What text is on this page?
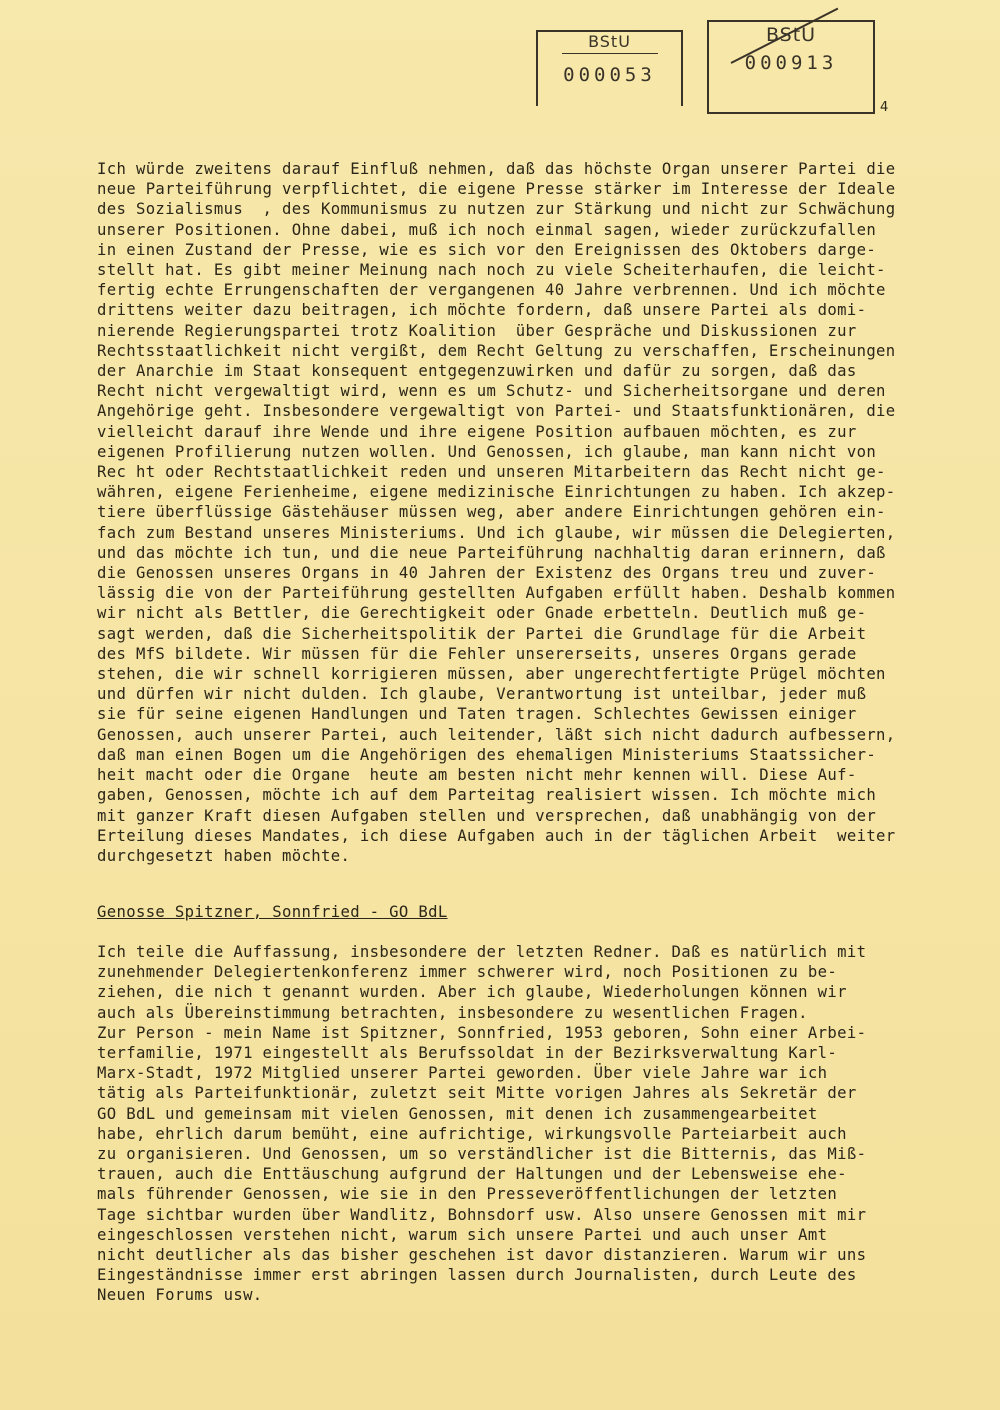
BStU
000053
BStU
000913
4
Ich würde zweitens darauf Einfluß nehmen, daß das höchste Organ unserer Partei die
neue Parteiführung verpflichtet, die eigene Presse stärker im Interesse der Ideale
des Sozialismus  , des Kommunismus zu nutzen zur Stärkung und nicht zur Schwächung
unserer Positionen. Ohne dabei, muß ich noch einmal sagen, wieder zurückzufallen
in einen Zustand der Presse, wie es sich vor den Ereignissen des Oktobers darge-
stellt hat. Es gibt meiner Meinung nach noch zu viele Scheiterhaufen, die leicht-
fertig echte Errungenschaften der vergangenen 40 Jahre verbrennen. Und ich möchte
drittens weiter dazu beitragen, ich möchte fordern, daß unsere Partei als domi-
nierende Regierungspartei trotz Koalition  über Gespräche und Diskussionen zur
Rechtsstaatlichkeit nicht vergißt, dem Recht Geltung zu verschaffen, Erscheinungen
der Anarchie im Staat konsequent entgegenzuwirken und dafür zu sorgen, daß das
Recht nicht vergewaltigt wird, wenn es um Schutz- und Sicherheitsorgane und deren
Angehörige geht. Insbesondere vergewaltigt von Partei- und Staatsfunktionären, die
vielleicht darauf ihre Wende und ihre eigene Position aufbauen möchten, es zur
eigenen Profilierung nutzen wollen. Und Genossen, ich glaube, man kann nicht von
Rec ht oder Rechtstaatlichkeit reden und unseren Mitarbeitern das Recht nicht ge-
währen, eigene Ferienheime, eigene medizinische Einrichtungen zu haben. Ich akzep-
tiere überflüssige Gästehäuser müssen weg, aber andere Einrichtungen gehören ein-
fach zum Bestand unseres Ministeriums. Und ich glaube, wir müssen die Delegierten,
und das möchte ich tun, und die neue Parteiführung nachhaltig daran erinnern, daß
die Genossen unseres Organs in 40 Jahren der Existenz des Organs treu und zuver-
lässig die von der Parteiführung gestellten Aufgaben erfüllt haben. Deshalb kommen
wir nicht als Bettler, die Gerechtigkeit oder Gnade erbetteln. Deutlich muß ge-
sagt werden, daß die Sicherheitspolitik der Partei die Grundlage für die Arbeit
des MfS bildete. Wir müssen für die Fehler unsererseits, unseres Organs gerade
stehen, die wir schnell korrigieren müssen, aber ungerechtfertigte Prügel möchten
und dürfen wir nicht dulden. Ich glaube, Verantwortung ist unteilbar, jeder muß
sie für seine eigenen Handlungen und Taten tragen. Schlechtes Gewissen einiger
Genossen, auch unserer Partei, auch leitender, läßt sich nicht dadurch aufbessern,
daß man einen Bogen um die Angehörigen des ehemaligen Ministeriums Staatssicher-
heit macht oder die Organe  heute am besten nicht mehr kennen will. Diese Auf-
gaben, Genossen, möchte ich auf dem Parteitag realisiert wissen. Ich möchte mich
mit ganzer Kraft diesen Aufgaben stellen und versprechen, daß unabhängig von der
Erteilung dieses Mandates, ich diese Aufgaben auch in der täglichen Arbeit  weiter
durchgesetzt haben möchte.
Genosse Spitzner, Sonnfried - GO BdL
Ich teile die Auffassung, insbesondere der letzten Redner. Daß es natürlich mit
zunehmender Delegiertenkonferenz immer schwerer wird, noch Positionen zu be-
ziehen, die nich t genannt wurden. Aber ich glaube, Wiederholungen können wir
auch als Übereinstimmung betrachten, insbesondere zu wesentlichen Fragen.
Zur Person - mein Name ist Spitzner, Sonnfried, 1953 geboren, Sohn einer Arbei-
terfamilie, 1971 eingestellt als Berufssoldat in der Bezirksverwaltung Karl-
Marx-Stadt, 1972 Mitglied unserer Partei geworden. Über viele Jahre war ich
tätig als Parteifunktionär, zuletzt seit Mitte vorigen Jahres als Sekretär der
GO BdL und gemeinsam mit vielen Genossen, mit denen ich zusammengearbeitet
habe, ehrlich darum bemüht, eine aufrichtige, wirkungsvolle Parteiarbeit auch
zu organisieren. Und Genossen, um so verständlicher ist die Bitternis, das Miß-
trauen, auch die Enttäuschung aufgrund der Haltungen und der Lebensweise ehe-
mals führender Genossen, wie sie in den Presseveröffentlichungen der letzten
Tage sichtbar wurden über Wandlitz, Bohnsdorf usw. Also unsere Genossen mit mir
eingeschlossen verstehen nicht, warum sich unsere Partei und auch unser Amt
nicht deutlicher als das bisher geschehen ist davor distanzieren. Warum wir uns
Eingeständnisse immer erst abringen lassen durch Journalisten, durch Leute des
Neuen Forums usw.
